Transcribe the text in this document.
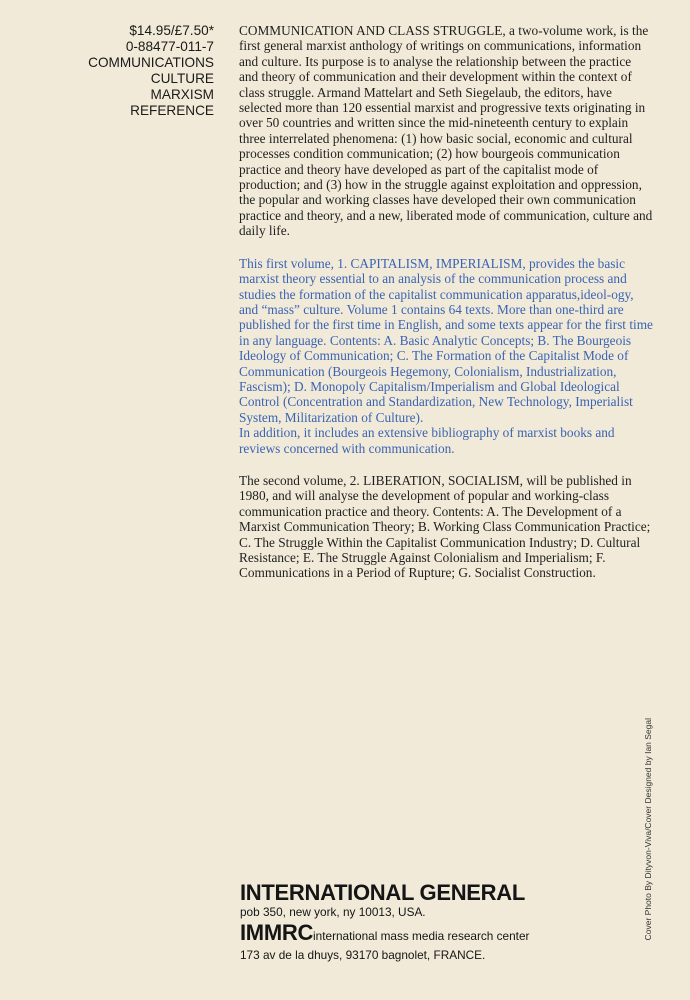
$14.95/£7.50*
0-88477-011-7
COMMUNICATIONS
CULTURE
MARXISM
REFERENCE

COMMUNICATION AND CLASS STRUGGLE, a two-volume work, is the first general marxist anthology of writings on communications, information and culture. Its purpose is to analyse the relationship between the practice and theory of communication and their development within the context of class struggle. Armand Mattelart and Seth Siegelaub, the editors, have selected more than 120 essential marxist and progressive texts originating in over 50 countries and written since the mid-nineteenth century to explain three interrelated phenomena: (1) how basic social, economic and cultural processes condition communication; (2) how bourgeois communication practice and theory have developed as part of the capitalist mode of production; and (3) how in the struggle against exploitation and oppression, the popular and working classes have developed their own communication practice and theory, and a new, liberated mode of communication, culture and daily life.

This first volume, 1. CAPITALISM, IMPERIALISM, provides the basic marxist theory essential to an analysis of the communication process and studies the formation of the capitalist communication apparatus,ideol-ogy, and “mass” culture. Volume 1 contains 64 texts. More than one-third are published for the first time in English, and some texts appear for the first time in any language. Contents: A. Basic Analytic Concepts; B. The Bourgeois Ideology of Communication; C. The Formation of the Capitalist Mode of Communication (Bourgeois Hegemony, Colonialism, Industrialization, Fascism); D. Monopoly Capitalism/Imperialism and Global Ideological Control (Concentration and Standardization, New Technology, Imperialist System, Militarization of Culture).

In addition, it includes an extensive bibliography of marxist books and reviews concerned with communication.

The second volume, 2. LIBERATION, SOCIALISM, will be published in 1980, and will analyse the development of popular and working-class communication practice and theory. Contents: A. The Development of a Marxist Communication Theory; B. Working Class Communication Practice; C. The Struggle Within the Capitalist Communication Industry; D. Cultural Resistance; E. The Struggle Against Colonialism and Imperialism; F. Communications in a Period of Rupture; G. Socialist Construction.

INTERNATIONAL GENERAL
pob 350, new york, ny 10013, USA.
IMMRCinternational mass media research center
173 av de la dhuys, 93170 bagnolet, FRANCE.
Cover Photo By Dityvon-Viva/Cover Designed by Ian Segal
